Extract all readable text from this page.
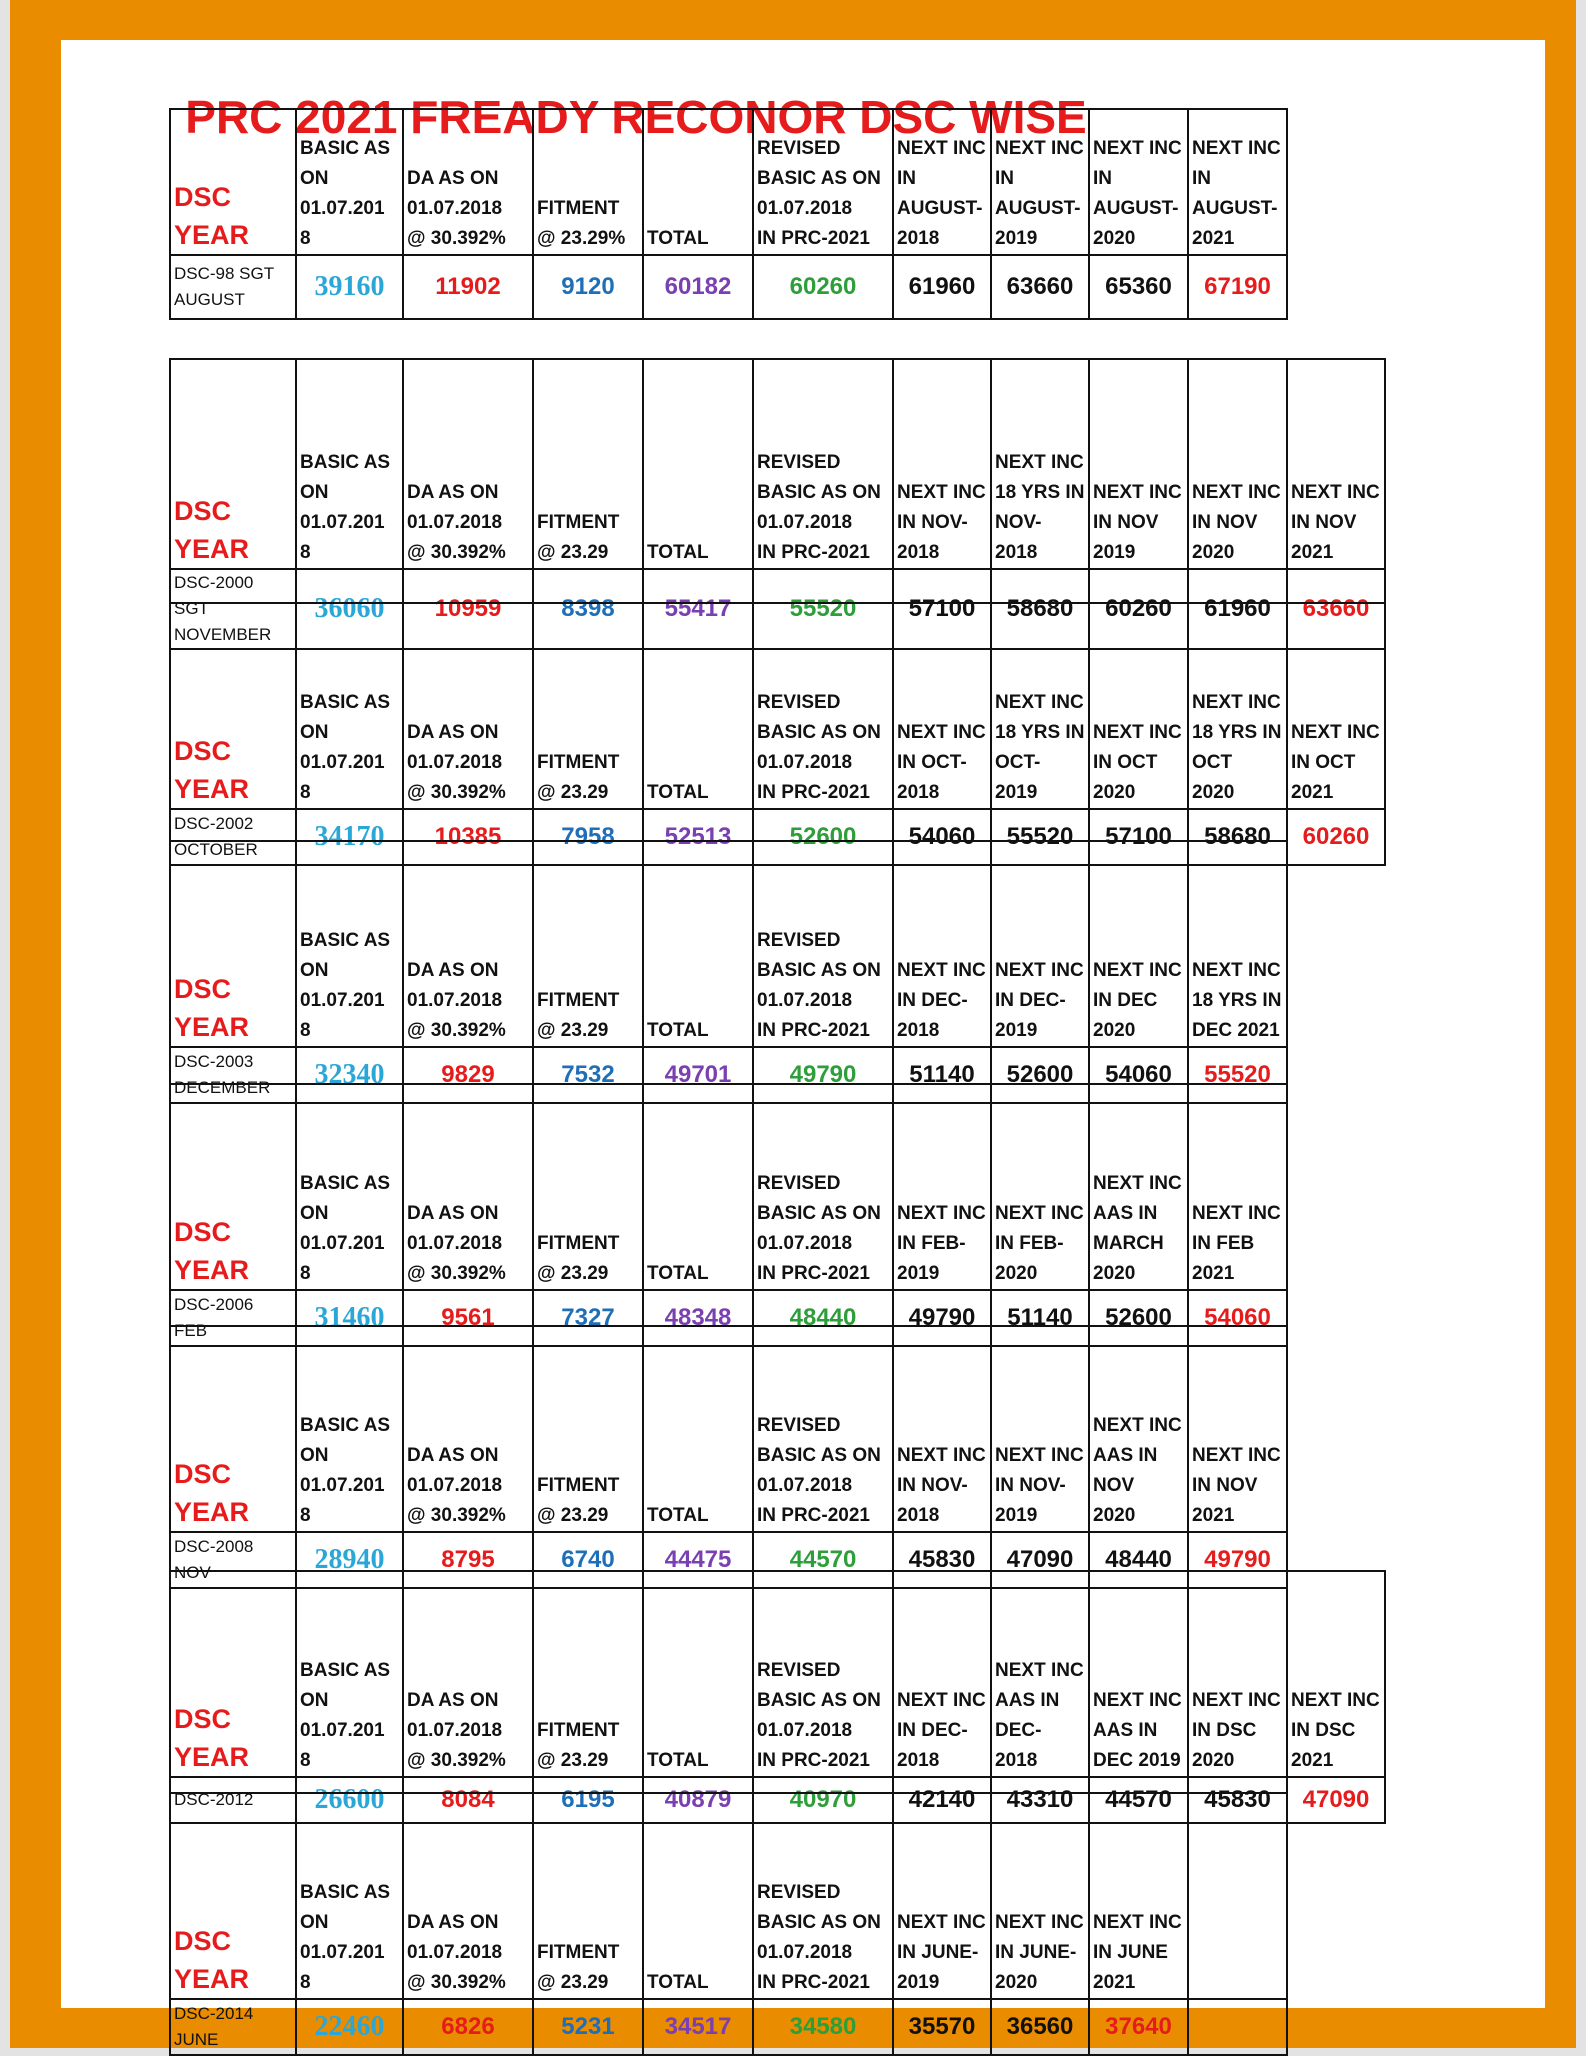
PRC 2021 FREADY RECONOR DSC WISE
DSC
YEAR	BASIC AS
ON
01.07.201
8	DA AS ON
01.07.2018
@ 30.392%	FITMENT
@ 23.29%	TOTAL	REVISED
BASIC AS ON
01.07.2018
IN PRC-2021	NEXT INC
IN
AUGUST-
2018	NEXT INC
IN
AUGUST-
2019	NEXT INC
IN
AUGUST-
2020	NEXT INC
IN
AUGUST-
2021
DSC-98 SGT
AUGUST	39160	11902	9120	60182	60260	61960	63660	65360	67190
DSC
YEAR	BASIC AS
ON
01.07.201
8	DA AS ON
01.07.2018
@ 30.392%	FITMENT
@ 23.29	TOTAL	REVISED
BASIC AS ON
01.07.2018
IN PRC-2021	NEXT INC
IN NOV-
2018	NEXT INC
18 YRS IN
NOV-
2018	NEXT INC
IN NOV
2019	NEXT INC
IN NOV
2020	NEXT INC
IN NOV
2021
DSC-2000
SGT
NOVEMBER	36060	10959	8398	55417	55520	57100	58680	60260	61960	63660
DSC
YEAR	BASIC AS
ON
01.07.201
8	DA AS ON
01.07.2018
@ 30.392%	FITMENT
@ 23.29	TOTAL	REVISED
BASIC AS ON
01.07.2018
IN PRC-2021	NEXT INC
IN OCT-
2018	NEXT INC
18 YRS IN
OCT-
2019	NEXT INC
IN OCT
2020	NEXT INC
18 YRS IN
OCT
2020	NEXT INC
IN OCT
2021
DSC-2002
OCTOBER	34170	10385	7958	52513	52600	54060	55520	57100	58680	60260
DSC
YEAR	BASIC AS
ON
01.07.201
8	DA AS ON
01.07.2018
@ 30.392%	FITMENT
@ 23.29	TOTAL	REVISED
BASIC AS ON
01.07.2018
IN PRC-2021	NEXT INC
IN DEC-
2018	NEXT INC
IN DEC-
2019	NEXT INC
IN DEC
2020	NEXT INC
18 YRS IN
DEC 2021
DSC-2003
DECEMBER	32340	9829	7532	49701	49790	51140	52600	54060	55520
DSC
YEAR	BASIC AS
ON
01.07.201
8	DA AS ON
01.07.2018
@ 30.392%	FITMENT
@ 23.29	TOTAL	REVISED
BASIC AS ON
01.07.2018
IN PRC-2021	NEXT INC
IN FEB-
2019	NEXT INC
IN FEB-
2020	NEXT INC
AAS IN
MARCH
2020	NEXT INC
IN FEB
2021
DSC-2006
FEB	31460	9561	7327	48348	48440	49790	51140	52600	54060
DSC
YEAR	BASIC AS
ON
01.07.201
8	DA AS ON
01.07.2018
@ 30.392%	FITMENT
@ 23.29	TOTAL	REVISED
BASIC AS ON
01.07.2018
IN PRC-2021	NEXT INC
IN NOV-
2018	NEXT INC
IN NOV-
2019	NEXT INC
AAS IN
NOV
2020	NEXT INC
IN NOV
2021
DSC-2008
NOV	28940	8795	6740	44475	44570	45830	47090	48440	49790
DSC
YEAR	BASIC AS
ON
01.07.201
8	DA AS ON
01.07.2018
@ 30.392%	FITMENT
@ 23.29	TOTAL	REVISED
BASIC AS ON
01.07.2018
IN PRC-2021	NEXT INC
IN DEC-
2018	NEXT INC
AAS IN
DEC-
2018	NEXT INC
AAS IN
DEC 2019	NEXT INC
IN DSC
2020	NEXT INC
IN DSC
2021
DSC-2012	26600	8084	6195	40879	40970	42140	43310	44570	45830	47090
DSC
YEAR	BASIC AS
ON
01.07.201
8	DA AS ON
01.07.2018
@ 30.392%	FITMENT
@ 23.29	TOTAL	REVISED
BASIC AS ON
01.07.2018
IN PRC-2021	NEXT INC
IN JUNE-
2019	NEXT INC
IN JUNE-
2020	NEXT INC
IN JUNE
2021	
DSC-2014
JUNE	22460	6826	5231	34517	34580	35570	36560	37640	
